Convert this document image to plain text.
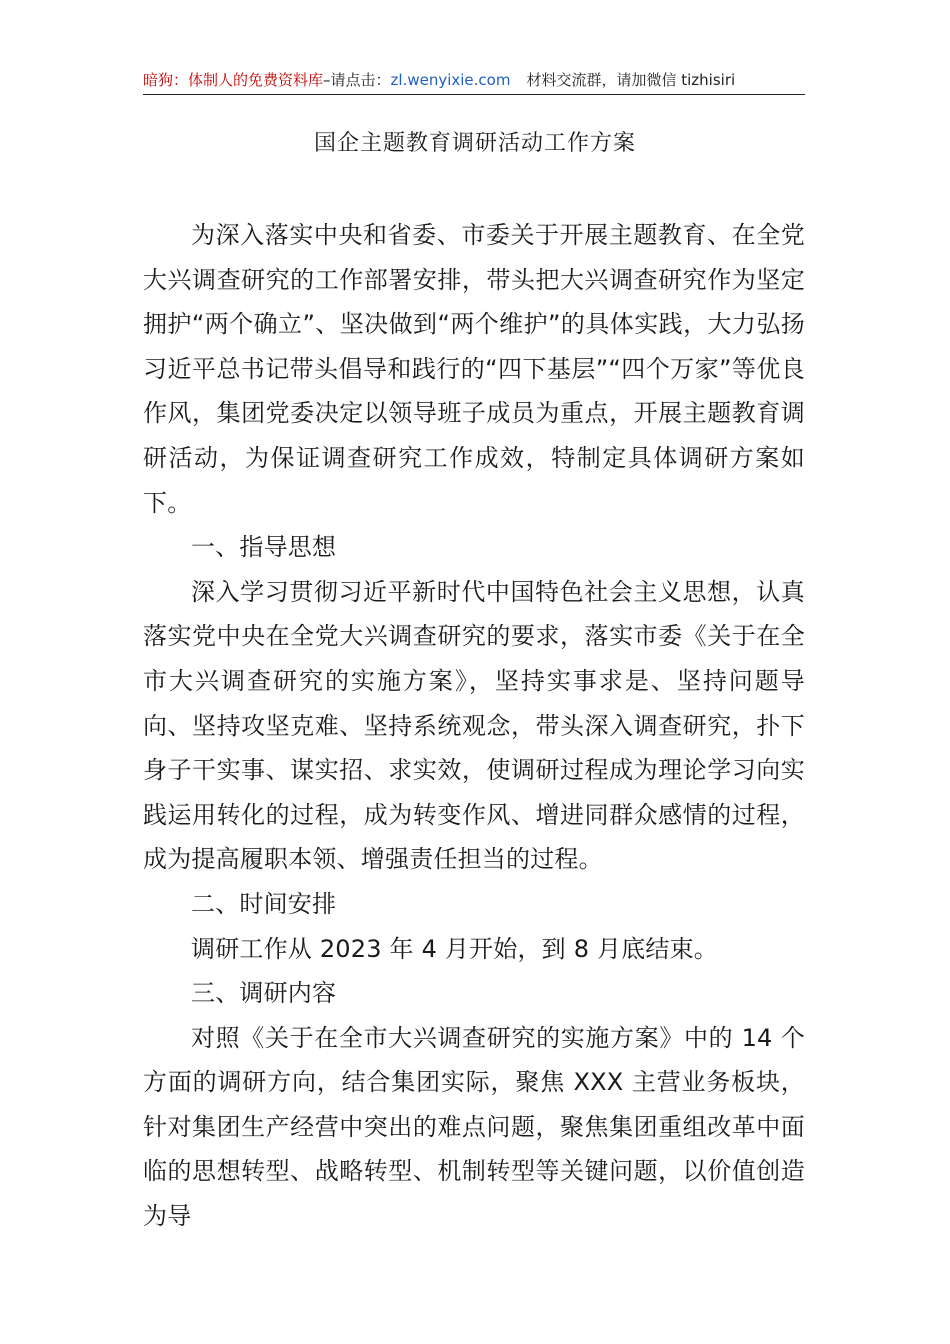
暗狗：体制人的免费资料库–请点击：zl.wenyixie.com 材料交流群，请加微信 tizhisiri
国企主题教育调研活动工作方案

为深入落实中央和省委、市委关于开展主题教育、在全党大兴调查研究的工作部署安排，带头把大兴调查研究作为坚定拥护“两个确立”、坚决做到“两个维护”的具体实践，大力弘扬习近平总书记带头倡导和践行的“四下基层”“四个万家”等优良作风，集团党委决定以领导班子成员为重点，开展主题教育调研活动，为保证调查研究工作成效，特制定具体调研方案如下。

一、指导思想

深入学习贯彻习近平新时代中国特色社会主义思想，认真落实党中央在全党大兴调查研究的要求，落实市委《关于在全市大兴调查研究的实施方案》，坚持实事求是、坚持问题导向、坚持攻坚克难、坚持系统观念，带头深入调查研究，扑下身子干实事、谋实招、求实效，使调研过程成为理论学习向实践运用转化的过程，成为转变作风、增进同群众感情的过程，成为提高履职本领、增强责任担当的过程。

二、时间安排

调研工作从 2023 年 4 月开始，到 8 月底结束。

三、调研内容

对照《关于在全市大兴调查研究的实施方案》中的 14 个方面的调研方向，结合集团实际，聚焦 XXX 主营业务板块，针对集团生产经营中突出的难点问题，聚焦集团重组改革中面临的思想转型、战略转型、机制转型等关键问题，以价值创造为导
